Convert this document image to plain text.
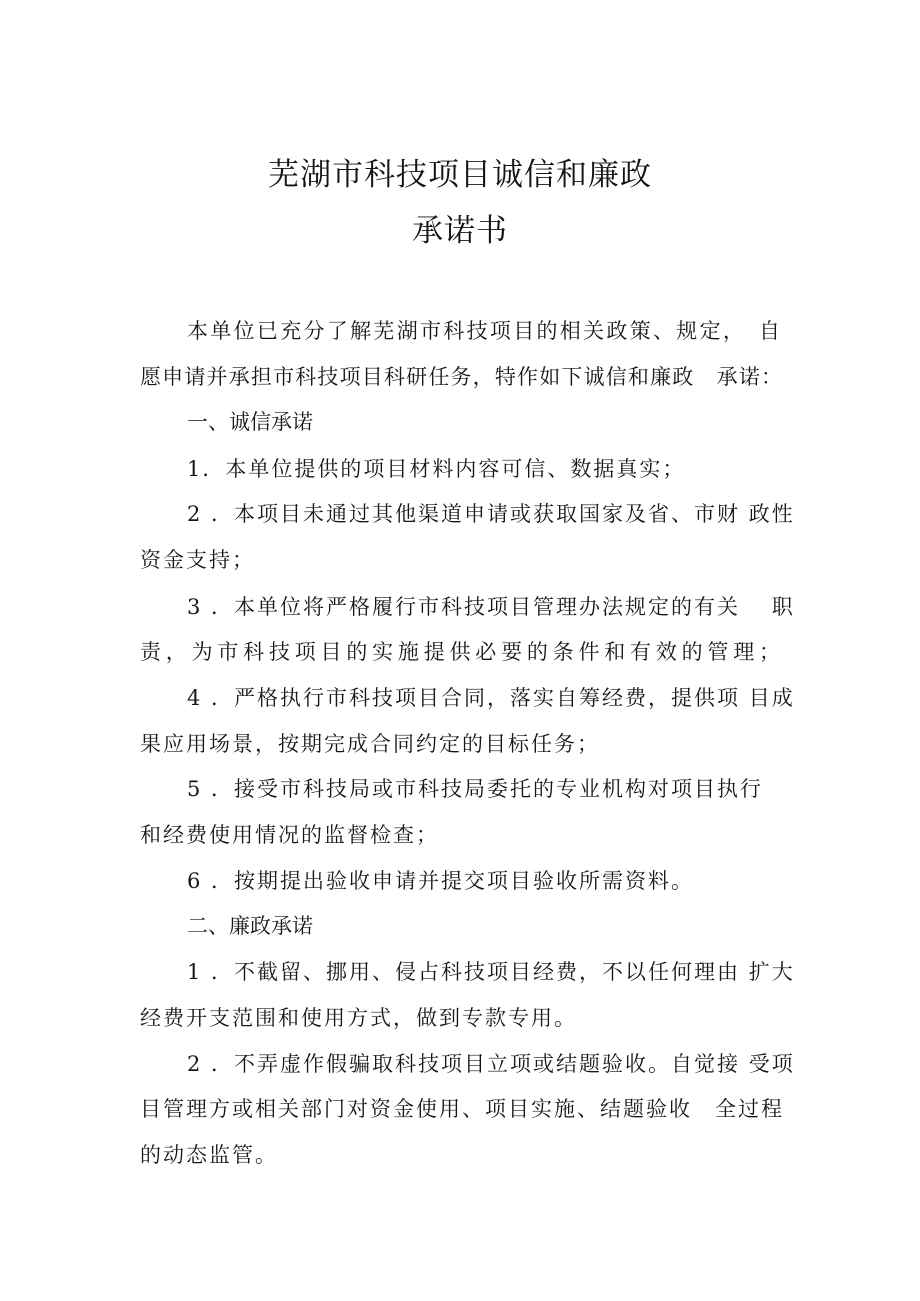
芜湖市科技项目诚信和廉政
承诺书
本单位已充分了解芜湖市科技项目的相关政策、规定，　自
愿申请并承担市科技项目科研任务，特作如下诚信和廉政　承诺：
一、诚信承诺
1．本单位提供的项目材料内容可信、数据真实；
2 ．本项目未通过其他渠道申请或获取国家及省、市财 政性
资金支持；
3 ．本单位将严格履行市科技项目管理办法规定的有关　 职
责，为市科技项目的实施提供必要的条件和有效的管理；
4 ．严格执行市科技项目合同，落实自筹经费，提供项 目成
果应用场景，按期完成合同约定的目标任务；
5 ．接受市科技局或市科技局委托的专业机构对项目执行
和经费使用情况的监督检查；
6 ．按期提出验收申请并提交项目验收所需资料。
二、廉政承诺
1 ．不截留、挪用、侵占科技项目经费，不以任何理由 扩大
经费开支范围和使用方式，做到专款专用。
2 ．不弄虚作假骗取科技项目立项或结题验收。自觉接 受项
目管理方或相关部门对资金使用、项目实施、结题验收　全过程
的动态监管。
